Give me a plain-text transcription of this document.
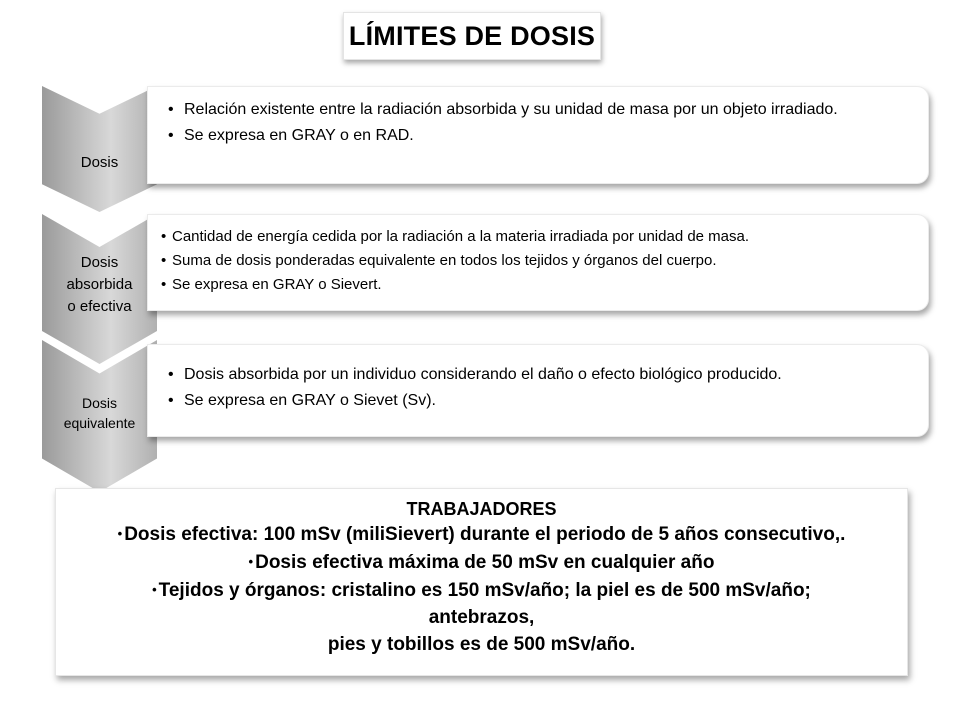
LÍMITES DE DOSIS
• Relación existente entre la radiación absorbida y su unidad de masa por un objeto irradiado.
• Se expresa en GRAY o en RAD.
Dosis
• Cantidad de energía cedida por la radiación a la materia irradiada por unidad de masa.
• Suma de dosis ponderadas equivalente en todos los tejidos y órganos del cuerpo.
• Se expresa en GRAY o Sievert.
Dosis
absorbida
o efectiva
• Dosis absorbida por un individuo considerando el daño o efecto biológico producido.
• Se expresa en GRAY o Sievet (Sv).
Dosis
equivalente
TRABAJADORES
• Dosis efectiva: 100 mSv (miliSievert) durante el periodo de 5 años consecutivo,.
• Dosis efectiva máxima de 50 mSv en cualquier año
• Tejidos y órganos: cristalino es 150 mSv/año; la piel es de 500 mSv/año;
antebrazos,
pies y tobillos es de 500 mSv/año.
